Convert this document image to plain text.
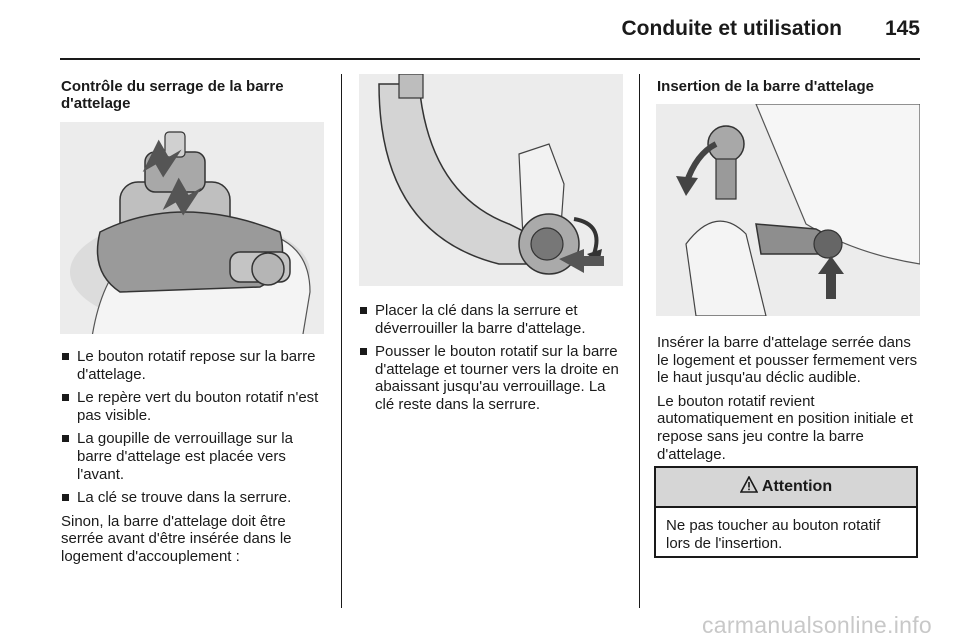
Conduite et utilisation 145
Contrôle du serrage de la barre d'attelage
Le bouton rotatif repose sur la barre d'attelage.
Le repère vert du bouton rotatif n'est pas visible.
La goupille de verrouillage sur la barre d'attelage est placée vers l'avant.
La clé se trouve dans la serrure.

Sinon, la barre d'attelage doit être serrée avant d'être insérée dans le logement d'accouplement :

Placer la clé dans la serrure et déverrouiller la barre d'attelage.
Pousser le bouton rotatif sur la barre d'attelage et tourner vers la droite en abaissant jusqu'au verrouillage. La clé reste dans la serrure.
Insertion de la barre d'attelage

Insérer la barre d'attelage serrée dans le logement et pousser fermement vers le haut jusqu'au déclic audible.

Le bouton rotatif revient automatiquement en position initiale et repose sans jeu contre la barre d'attelage.

Attention
Ne pas toucher au bouton rotatif lors de l'insertion.
carmanualsonline.info
